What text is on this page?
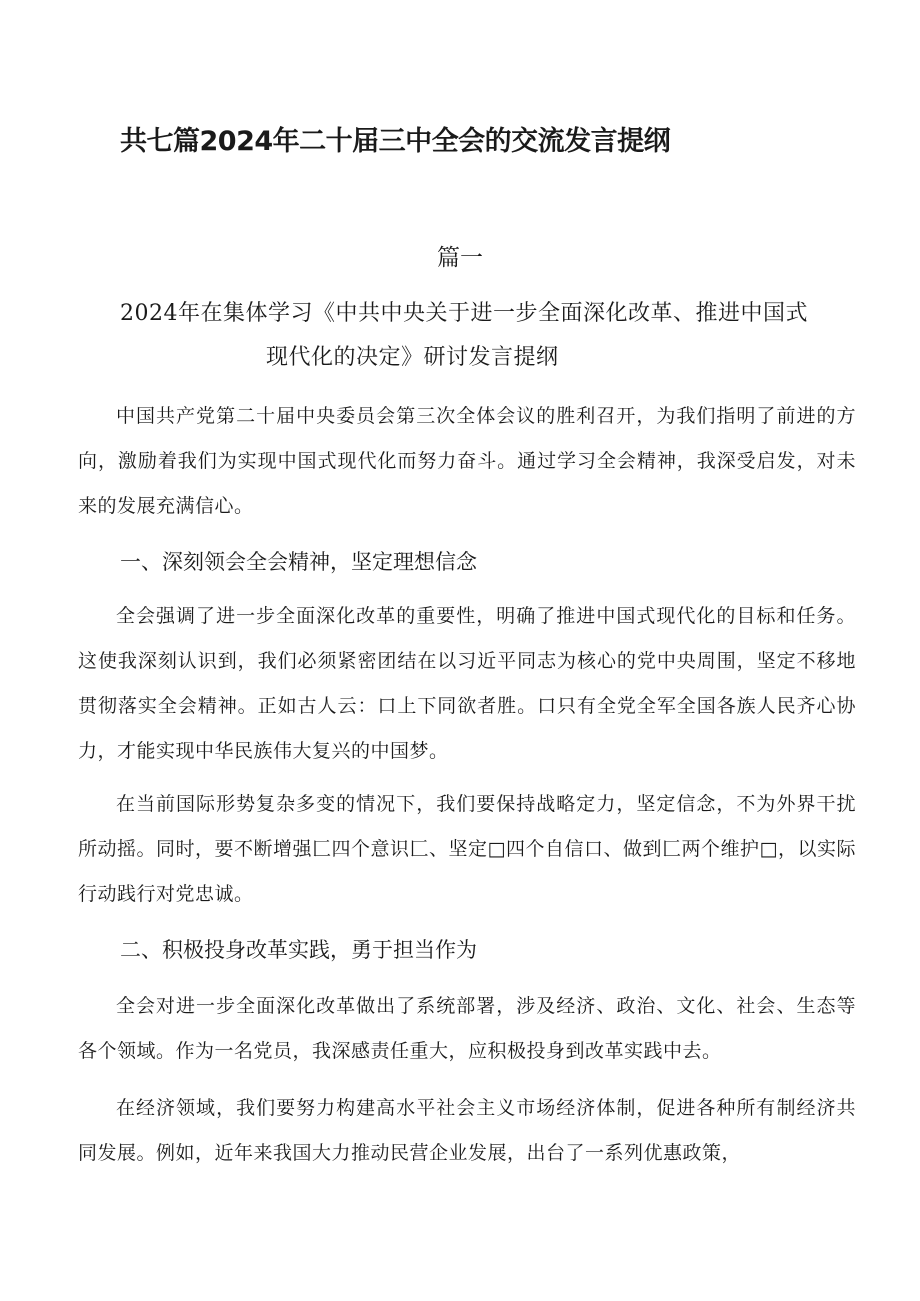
共七篇2024年二十届三中全会的交流发言提纲
篇一
2024年在集体学习《中共中央关于进一步全面深化改革、推进中国式
现代化的决定》研讨发言提纲

中国共产党第二十届中央委员会第三次全体会议的胜利召开，为我们指明了前进的方向，激励着我们为实现中国式现代化而努力奋斗。通过学习全会精神，我深受启发，对未来的发展充满信心。

一、深刻领会全会精神，坚定理想信念

全会强调了进一步全面深化改革的重要性，明确了推进中国式现代化的目标和任务。这使我深刻认识到，我们必须紧密团结在以习近平同志为核心的党中央周围，坚定不移地贯彻落实全会精神。正如古人云：口上下同欲者胜。口只有全党全军全国各族人民齐心协力，才能实现中华民族伟大复兴的中国梦。

在当前国际形势复杂多变的情况下，我们要保持战略定力，坚定信念，不为外界干扰所动摇。同时，要不断增强匚四个意识匚、坚定□四个自信口、做到匚两个维护□，以实际行动践行对党忠诚。

二、积极投身改革实践，勇于担当作为

全会对进一步全面深化改革做出了系统部署，涉及经济、政治、文化、社会、生态等各个领域。作为一名党员，我深感责任重大，应积极投身到改革实践中去。

在经济领域，我们要努力构建高水平社会主义市场经济体制，促进各种所有制经济共同发展。例如，近年来我国大力推动民营企业发展，出台了一系列优惠政策，
